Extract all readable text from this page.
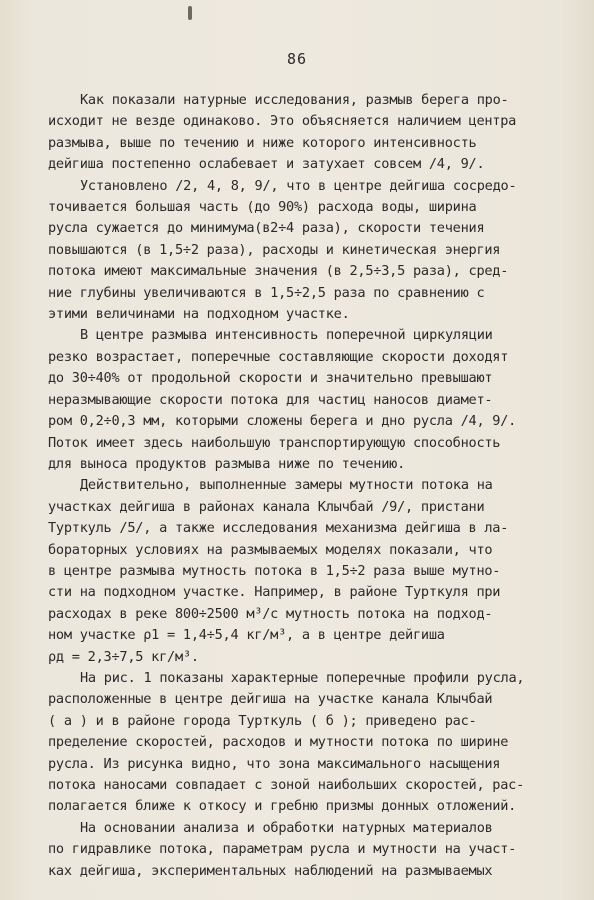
86
Как показали натурные исследования, размыв берега про-
исходит не везде одинаково. Это объясняется наличием центра
размыва, выше по течению и ниже которого интенсивность
дейгиша постепенно ослабевает и затухает совсем /4, 9/.
Установлено /2, 4, 8, 9/, что в центре дейгиша сосредо-
точивается большая часть (до 90%) расхода воды, ширина
русла сужается до минимума(в2÷4 раза), скорости течения
повышаются (в 1,5÷2 раза), расходы и кинетическая энергия
потока имеют максимальные значения (в 2,5÷3,5 раза), сред-
ние глубины увеличиваются в 1,5÷2,5 раза по сравнению с
этими величинами на подходном участке.
В центре размыва интенсивность поперечной циркуляции
резко возрастает, поперечные составляющие скорости доходят
до 30÷40% от продольной скорости и значительно превышают
неразмывающие скорости потока для частиц наносов диамет-
ром 0,2÷0,3 мм, которыми сложены берега и дно русла /4, 9/.
Поток имеет здесь наибольшую транспортирующую способность
для выноса продуктов размыва ниже по течению.
Действительно, выполненные замеры мутности потока на
участках дейгиша в районах канала Клычбай /9/, пристани
Турткуль /5/, а также исследования механизма дейгиша в ла-
бораторных условиях на размываемых моделях показали, что
в центре размыва мутность потока в 1,5÷2 раза выше мутно-
сти на подходном участке. Например, в районе Турткуля при
расходах в реке 800÷2500 м³/с мутность потока на подход-
ном участке ρ1 = 1,4÷5,4 кг/м³, а в центре дейгиша
ρд = 2,3÷7,5 кг/м³.
На рис. 1 показаны характерные поперечные профили русла,
расположенные в центре дейгиша на участке канала Клычбай
( а ) и в районе города Турткуль ( б ); приведено рас-
пределение скоростей, расходов и мутности потока по ширине
русла. Из рисунка видно, что зона максимального насыщения
потока наносами совпадает с зоной наибольших скоростей, рас-
полагается ближе к откосу и гребню призмы донных отложений.
На основании анализа и обработки натурных материалов
по гидравлике потока, параметрам русла и мутности на участ-
ках дейгиша, экспериментальных наблюдений на размываемых
